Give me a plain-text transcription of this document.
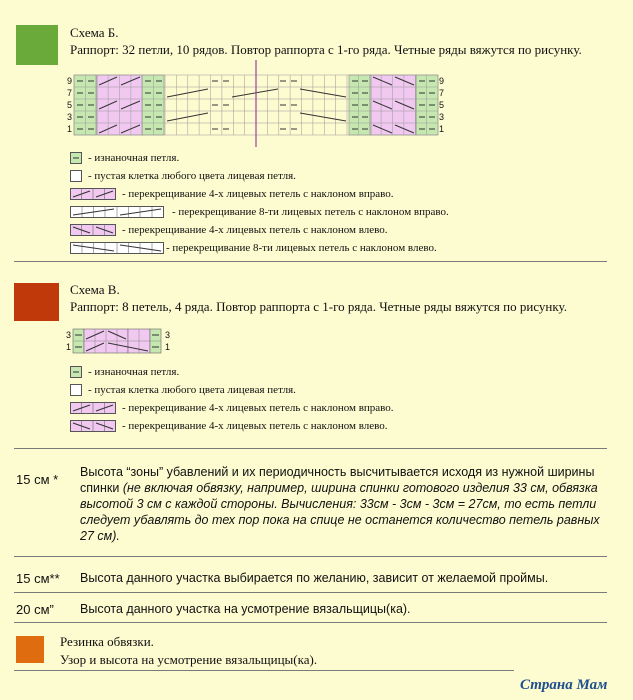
Схема Б.
Раппорт: 32 петли, 10 рядов. Повтор раппорта с 1-го ряда. Четные ряды вяжутся по рисунку.
9
7
5
3
1
9
7
5
3
1
- изнаночная петля.
- пустая клетка любого цвета лицевая петля.
- перекрещивание 4-х лицевых петель с наклоном вправо.
- перекрещивание 8-ти лицевых петель с наклоном вправо.
- перекрещивание 4-х лицевых петель с наклоном влево.
- перекрещивание 8-ти лицевых петель с наклоном влево.
Схема В.
Раппорт: 8 петель, 4 ряда. Повтор раппорта с 1-го ряда. Четные ряды вяжутся по рисунку.
3
1
3
1
- изнаночная петля.
- пустая клетка любого цвета лицевая петля.
- перекрещивание 4-х лицевых петель с наклоном вправо.
- перекрещивание 4-х лицевых петель с наклоном влево.
15 см * Высота “зоны” убавлений и их периодичность высчитывается исходя из нужной ширины спинки (не включая обвязку, например, ширина спинки готового изделия 33 см, обвязка высотой 3 см с каждой стороны. Вычисления: 33см - 3см - 3см = 27см, то есть петли следует убавлять до тех пор пока на спице не останется количество петель равных 27 см).
15 см** Высота данного участка выбирается по желанию, зависит от желаемой проймы.
20 см” Высота данного участка на усмотрение вязальщицы(ка).
Резинка обвязки.
Узор и высота на усмотрение вязальщицы(ка).
Страна Мам
